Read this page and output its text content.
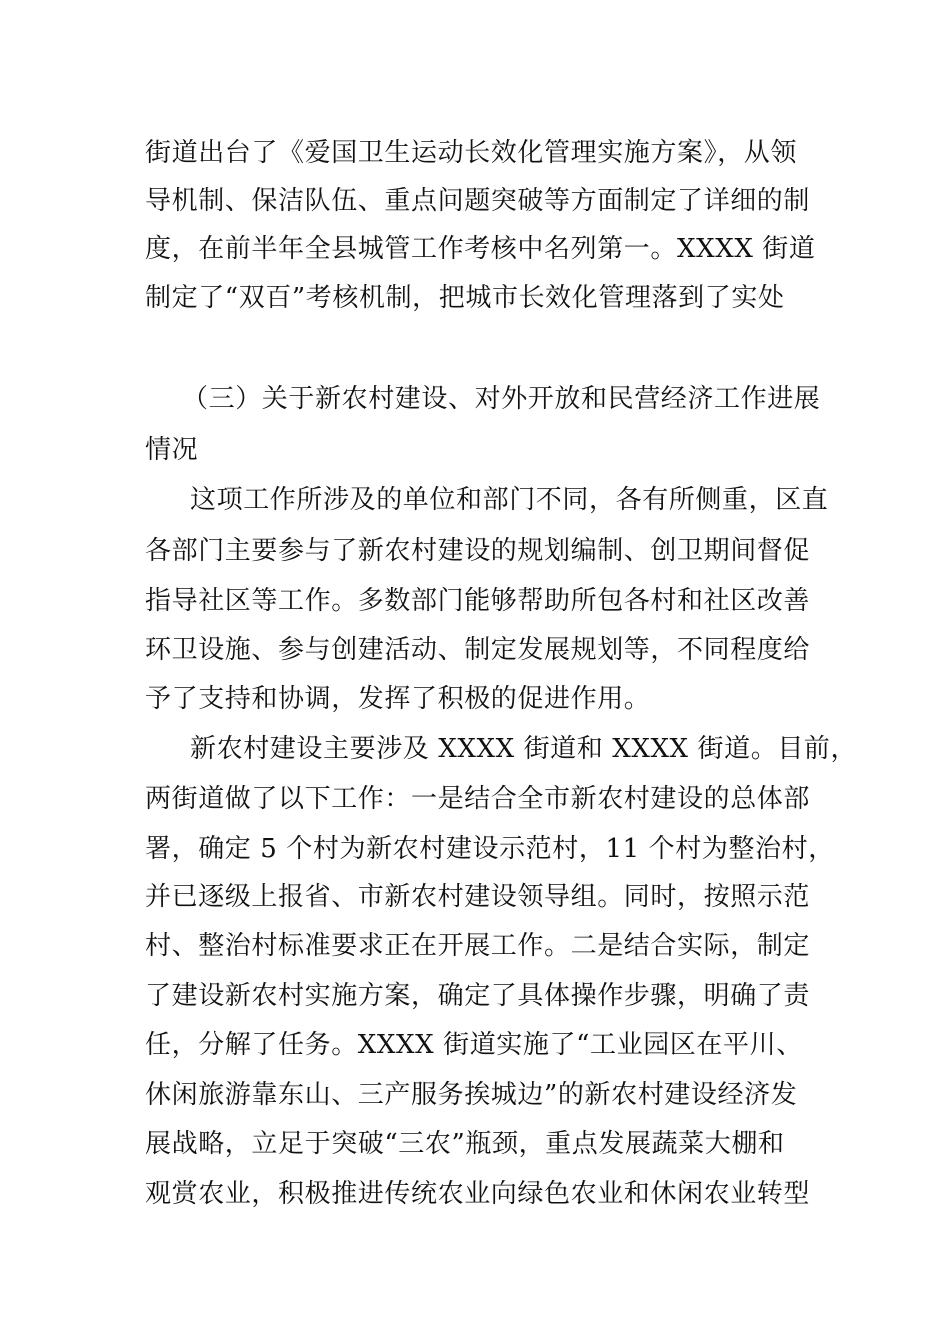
街道出台了《爱国卫生运动长效化管理实施方案》，从领
导机制、保洁队伍、重点问题突破等方面制定了详细的制
度，在前半年全县城管工作考核中名列第一。XXXX 街道
制定了“双百”考核机制，把城市长效化管理落到了实处
（三）关于新农村建设、对外开放和民营经济工作进展
情况
这项工作所涉及的单位和部门不同，各有所侧重，区直
各部门主要参与了新农村建设的规划编制、创卫期间督促
指导社区等工作。多数部门能够帮助所包各村和社区改善
环卫设施、参与创建活动、制定发展规划等，不同程度给
予了支持和协调，发挥了积极的促进作用。
新农村建设主要涉及 XXXX 街道和 XXXX 街道。目前，
两街道做了以下工作：一是结合全市新农村建设的总体部
署，确定 5 个村为新农村建设示范村，11 个村为整治村，
并已逐级上报省、市新农村建设领导组。同时，按照示范
村、整治村标准要求正在开展工作。二是结合实际，制定
了建设新农村实施方案，确定了具体操作步骤，明确了责
任，分解了任务。XXXX 街道实施了“工业园区在平川、
休闲旅游靠东山、三产服务挨城边”的新农村建设经济发
展战略，立足于突破“三农”瓶颈，重点发展蔬菜大棚和
观赏农业，积极推进传统农业向绿色农业和休闲农业转型
